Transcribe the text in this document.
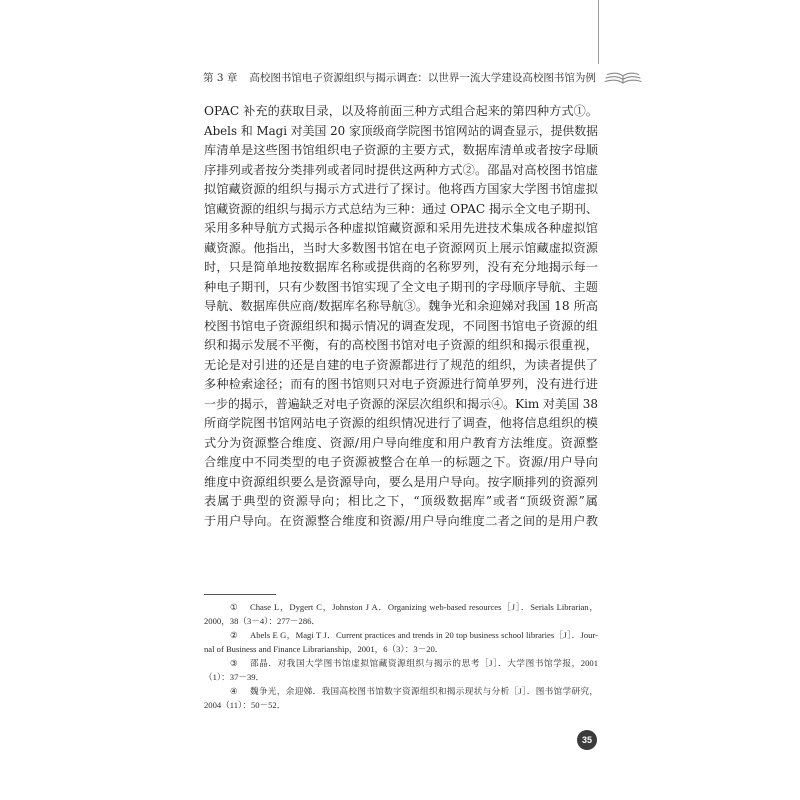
第 3 章 高校图书馆电子资源组织与揭示调查：以世界一流大学建设高校图书馆为例
OPAC 补充的获取目录，以及将前面三种方式组合起来的第四种方式①。
Abels 和 Magi 对美国 20 家顶级商学院图书馆网站的调查显示，提供数据
库清单是这些图书馆组织电子资源的主要方式，数据库清单或者按字母顺
序排列或者按分类排列或者同时提供这两种方式②。邵晶对高校图书馆虚
拟馆藏资源的组织与揭示方式进行了探讨。他将西方国家大学图书馆虚拟
馆藏资源的组织与揭示方式总结为三种：通过 OPAC 揭示全文电子期刊、
采用多种导航方式揭示各种虚拟馆藏资源和采用先进技术集成各种虚拟馆
藏资源。他指出，当时大多数图书馆在电子资源网页上展示馆藏虚拟资源
时，只是简单地按数据库名称或提供商的名称罗列，没有充分地揭示每一
种电子期刊，只有少数图书馆实现了全文电子期刊的字母顺序导航、主题
导航、数据库供应商/数据库名称导航③。魏争光和余迎娣对我国 18 所高
校图书馆电子资源组织和揭示情况的调查发现，不同图书馆电子资源的组
织和揭示发展不平衡，有的高校图书馆对电子资源的组织和揭示很重视，
无论是对引进的还是自建的电子资源都进行了规范的组织，为读者提供了
多种检索途径；而有的图书馆则只对电子资源进行简单罗列，没有进行进
一步的揭示，普遍缺乏对电子资源的深层次组织和揭示④。Kim 对美国 38
所商学院图书馆网站电子资源的组织情况进行了调查，他将信息组织的模
式分为资源整合维度、资源/用户导向维度和用户教育方法维度。资源整
合维度中不同类型的电子资源被整合在单一的标题之下。资源/用户导向
维度中资源组织要么是资源导向，要么是用户导向。按字顺排列的资源列
表属于典型的资源导向；相比之下，“顶级数据库”或者“顶级资源”属
于用户导向。在资源整合维度和资源/用户导向维度二者之间的是用户教
①	Chase L，Dygert C，Johnston J A．Organizing web-based resources［J］．Serials Librarian，
2000，38（3－4）：277－286．
②	Abels E G，Magi T J．Current practices and trends in 20 top business school libraries［J］．Jour-
nal of Business and Finance Librarianship，2001，6（3）：3－20．
③	邵晶．对我国大学图书馆虚拟馆藏资源组织与揭示的思考［J］．大学图书馆学报，2001
（1）：37－39．
④	魏争光，余迎娣．我国高校图书馆数字资源组织和揭示现状与分析［J］．图书馆学研究，
2004（11）：50－52．
35
